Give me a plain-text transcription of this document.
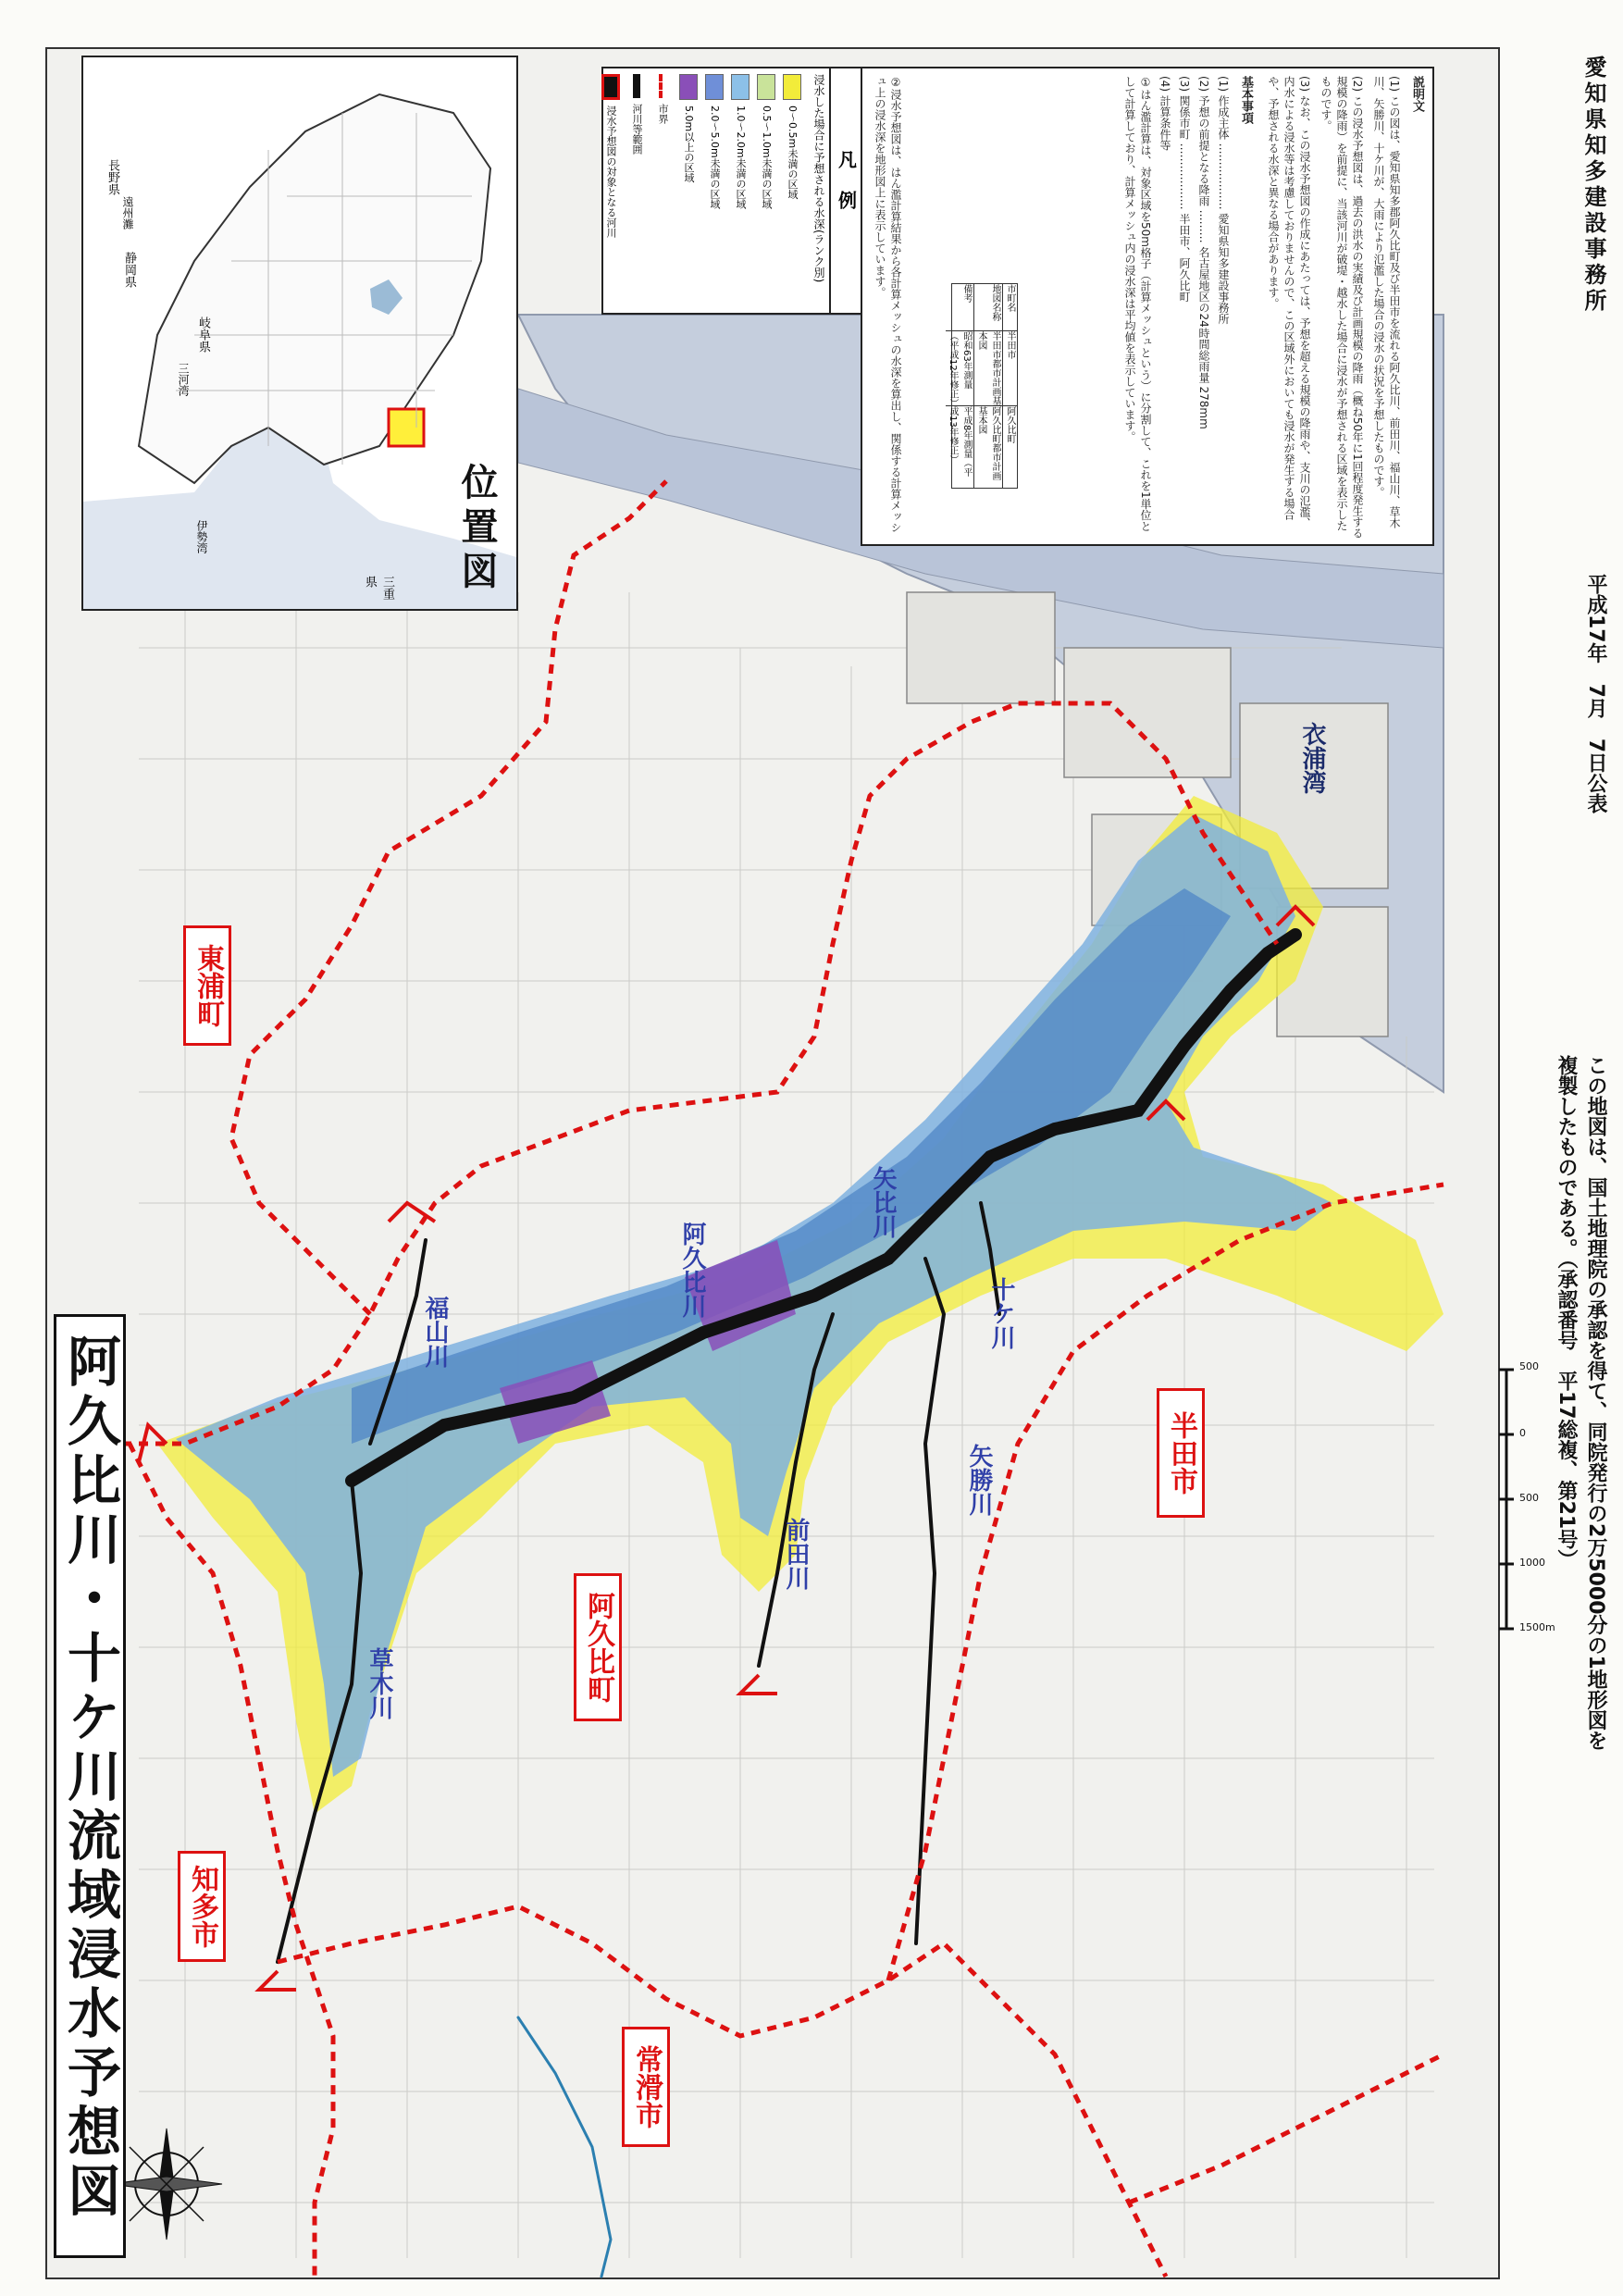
500
0
500
1000
1500m
阿久比川・十ケ川流域浸水予想図
長野県
岐阜県
静岡県
三重県
伊勢湾
三河湾
遠州灘
位置図
凡例
浸水した場合に予想される水深(ランク別)
0〜0.5m未満の区域
0.5〜1.0m未満の区域
1.0〜2.0m未満の区域
2.0〜5.0m未満の区域
5.0m以上の区域
市界
河川等範囲
浸水予想図の対象となる河川
説明文
(1) この図は、愛知県知多郡阿久比町及び半田市を流れる阿久比川、前田川、福山川、草木川、矢勝川、十ケ川が、大雨により氾濫した場合の浸水の状況を予想したものです。
(2) この浸水予想図は、過去の洪水の実績及び計画規模の降雨（概ね50年に1回程度発生する規模の降雨）を前提に、当該河川が破堤・越水した場合に浸水が予想される区域を表示したものです。
(3) なお、この浸水予想図の作成にあたっては、予想を超える規模の降雨や、支川の氾濫、内水による浸水等は考慮しておりませんので、この区域外においても浸水が発生する場合や、予想される水深と異なる場合があります。
基本事項
(1) 作成主体 ……………… 愛知県知多建設事務所
(2) 予想の前提となる降雨 ……… 名古屋地区の24時間総雨量 278mm
(3) 関係市町 ……………… 半田市、阿久比町
(4) 計算条件等
①はん濫計算は、対象区域を50m格子（計算メッシュという）に分割して、これを1単位として計算しており、計算メッシュ内の浸水深は平均値を表示しています。
市町名
半田市
阿久比町
地図名称
半田市都市計画基本図
阿久比町都市計画基本図
備考
昭和63年測量（平成12年修正）
平成8年測量（平成13年修正）
②浸水予想図は、はん濫計算結果から各計算メッシュの水深を算出し、関係する計算メッシュ上の浸水深を地形図上に表示しています。
この地図は、国土地理院の承認を得て、同院発行の2万5000分の1地形図を
複製したものである。（承認番号　平17総複、第21号）
平成17年　7月　7日公表
愛知県知多建設事務所
東浦町
阿久比町
半田市
知多市
常滑市
衣浦湾
阿久比川	十ケ川
福山川
草木川
前田川
矢勝川
矢比川
